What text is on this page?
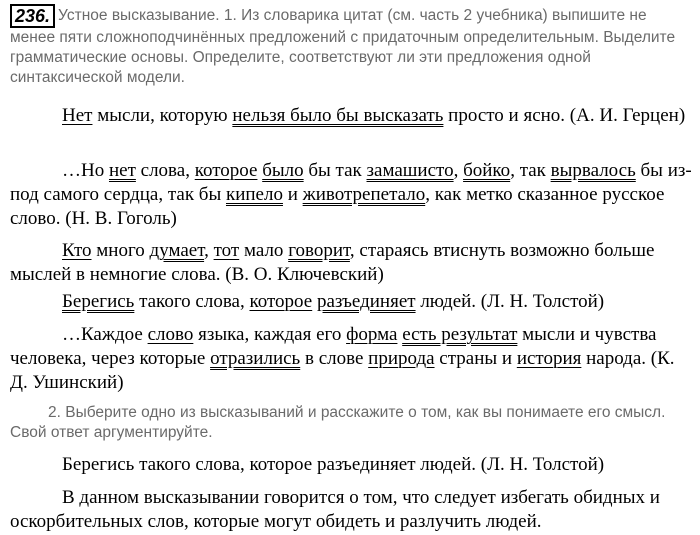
236. Устное высказывание. 1. Из словарика цитат (см. часть 2 учебника) выпишите не менее пяти сложноподчинённых предложений с придаточным определительным. Выделите грамматические основы. Определите, соответствуют ли эти предложения одной синтаксической модели.
Нет мысли, которую нельзя было бы высказать просто и ясно. (А. И. Герцен)
…Но нет слова, которое было бы так замашисто, бойко, так вырвалось бы из-под самого сердца, так бы кипело и животрепетало, как метко сказанное русское слово. (Н. В. Гоголь)
Кто много думает, тот мало говорит, стараясь втиснуть возможно больше мыслей в немногие слова. (В. О. Ключевский)
Берегись такого слова, которое разъединяет людей. (Л. Н. Толстой)
…Каждое слово языка, каждая его форма есть результат мысли и чувства человека, через которые отразились в слове природа страны и история народа. (К. Д. Ушинский)
2. Выберите одно из высказываний и расскажите о том, как вы понимаете его смысл. Свой ответ аргументируйте.
Берегись такого слова, которое разъединяет людей. (Л. Н. Толстой)
В данном высказывании говорится о том, что следует избегать обидных и оскорбительных слов, которые могут обидеть и разлучить людей.
